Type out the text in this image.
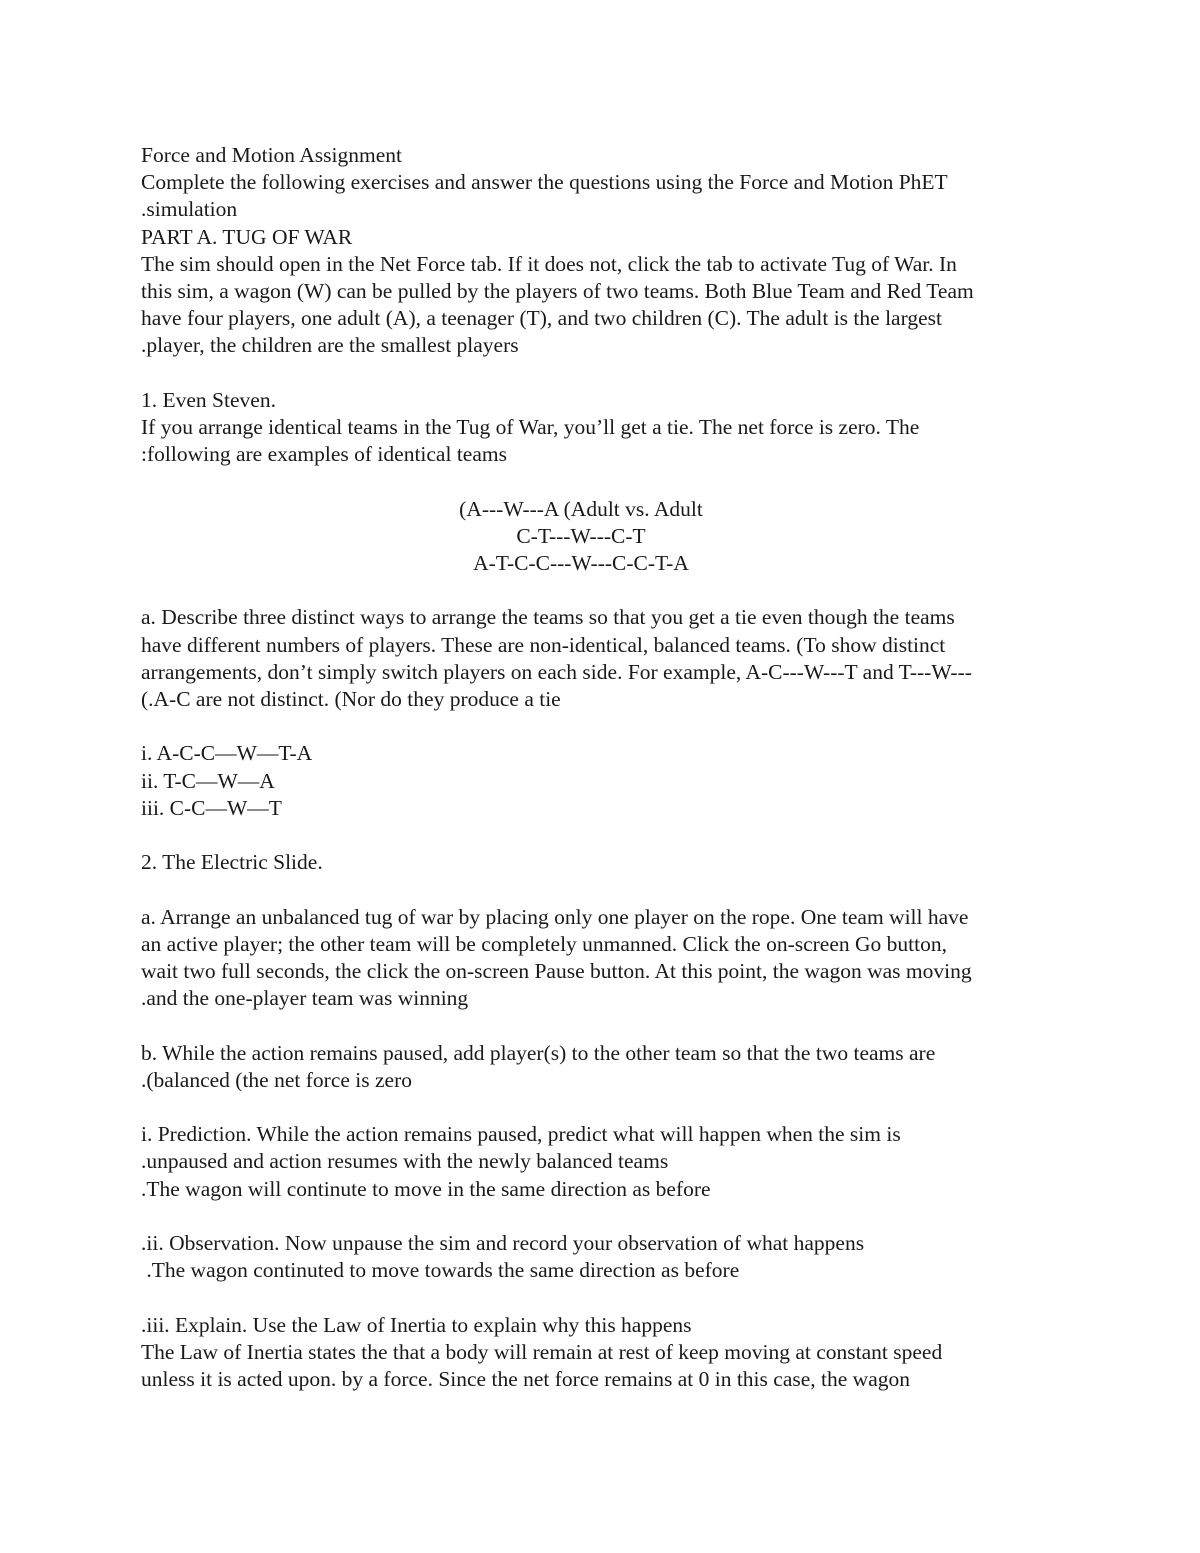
Force and Motion Assignment
Complete the following exercises and answer the questions using the Force and Motion PhET
.simulation
PART A. TUG OF WAR
The sim should open in the Net Force tab. If it does not, click the tab to activate Tug of War. In
this sim, a wagon (W) can be pulled by the players of two teams. Both Blue Team and Red Team
have four players, one adult (A), a teenager (T), and two children (C). The adult is the largest
.player, the children are the smallest players
1. Even Steven.
If you arrange identical teams in the Tug of War, you’ll get a tie. The net force is zero. The
:following are examples of identical teams
(A---W---A (Adult vs. Adult
C-T---W---C-T
A-T-C-C---W---C-C-T-A
a. Describe three distinct ways to arrange the teams so that you get a tie even though the teams
have different numbers of players. These are non-identical, balanced teams. (To show distinct
arrangements, don’t simply switch players on each side. For example, A-C---W---T and T---W---
(.A-C are not distinct. (Nor do they produce a tie
i. A-C-C—W—T-A
ii. T-C—W—A
iii. C-C—W—T
2. The Electric Slide.
a. Arrange an unbalanced tug of war by placing only one player on the rope. One team will have
an active player; the other team will be completely unmanned. Click the on-screen Go button,
wait two full seconds, the click the on-screen Pause button. At this point, the wagon was moving
.and the one-player team was winning
b. While the action remains paused, add player(s) to the other team so that the two teams are
.(balanced (the net force is zero
i. Prediction. While the action remains paused, predict what will happen when the sim is
.unpaused and action resumes with the newly balanced teams
.The wagon will continute to move in the same direction as before
.ii. Observation. Now unpause the sim and record your observation of what happens
.The wagon continuted to move towards the same direction as before
.iii. Explain. Use the Law of Inertia to explain why this happens
The Law of Inertia states the that a body will remain at rest of keep moving at constant speed
unless it is acted upon. by a force. Since the net force remains at 0 in this case, the wagon
